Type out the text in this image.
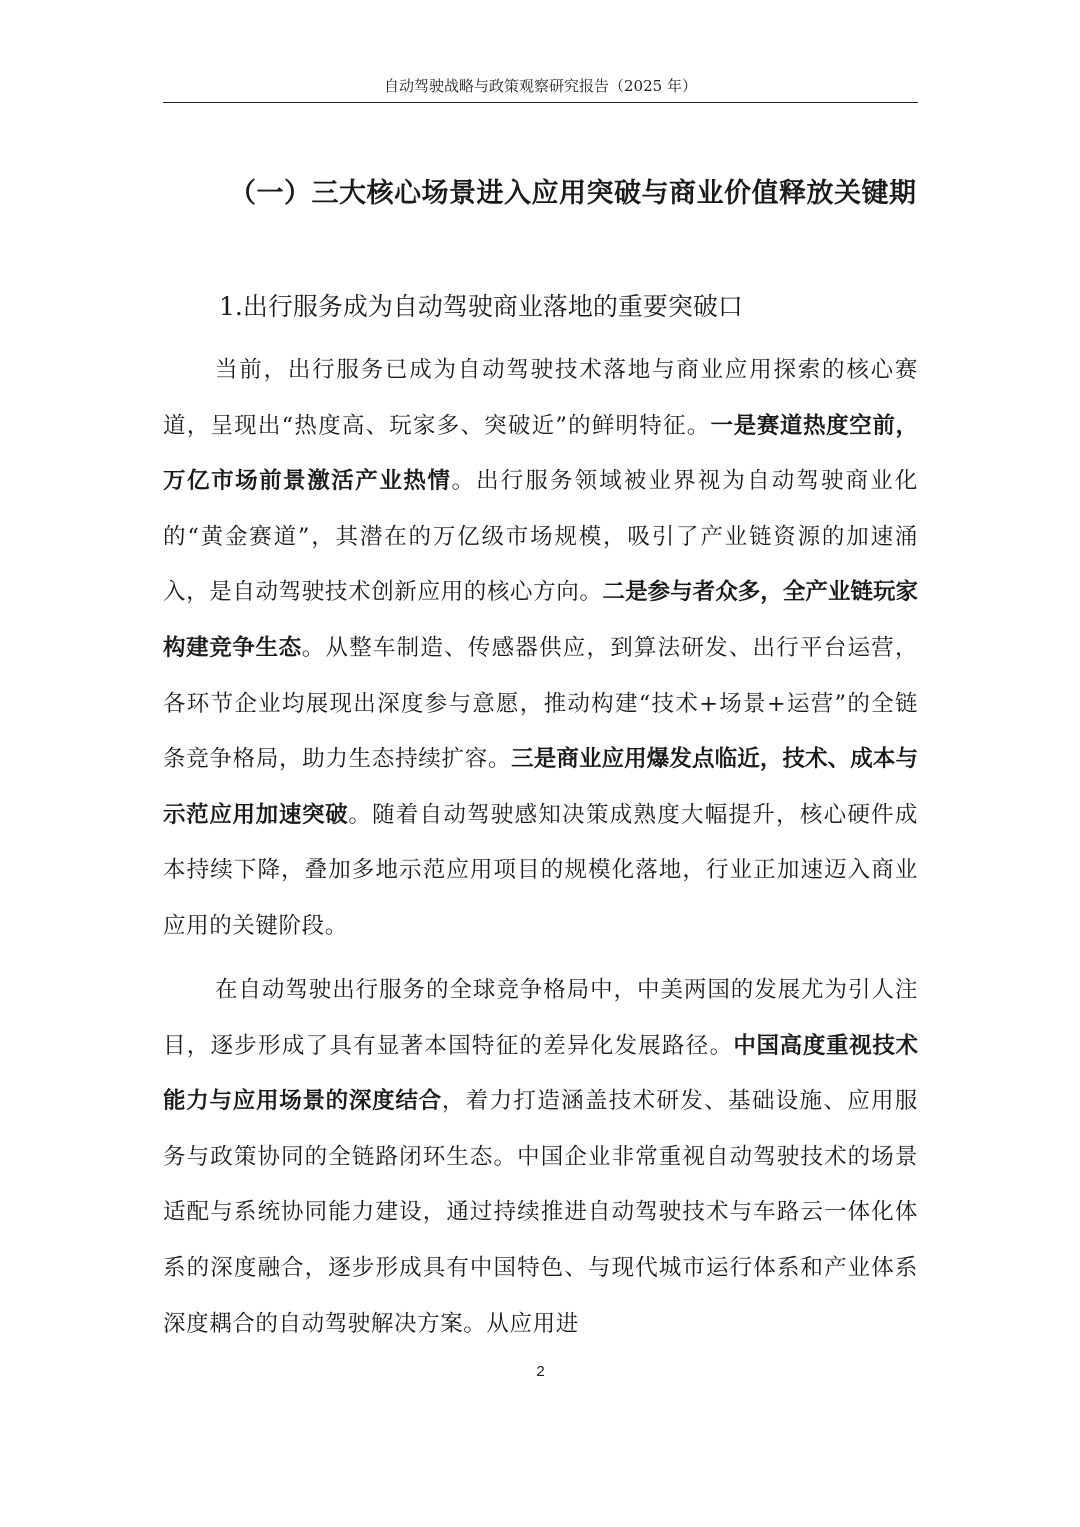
自动驾驶战略与政策观察研究报告（2025 年）
（一）三大核心场景进入应用突破与商业价值释放关键期
1.出行服务成为自动驾驶商业落地的重要突破口

当前，出行服务已成为自动驾驶技术落地与商业应用探索的核心赛道，呈现出“热度高、玩家多、突破近”的鲜明特征。一是赛道热度空前，万亿市场前景激活产业热情。出行服务领域被业界视为自动驾驶商业化的“黄金赛道”，其潜在的万亿级市场规模，吸引了产业链资源的加速涌入，是自动驾驶技术创新应用的核心方向。二是参与者众多，全产业链玩家构建竞争生态。从整车制造、传感器供应，到算法研发、出行平台运营，各环节企业均展现出深度参与意愿，推动构建“技术+场景+运营”的全链条竞争格局，助力生态持续扩容。三是商业应用爆发点临近，技术、成本与示范应用加速突破。随着自动驾驶感知决策成熟度大幅提升，核心硬件成本持续下降，叠加多地示范应用项目的规模化落地，行业正加速迈入商业应用的关键阶段。

在自动驾驶出行服务的全球竞争格局中，中美两国的发展尤为引人注目，逐步形成了具有显著本国特征的差异化发展路径。中国高度重视技术能力与应用场景的深度结合，着力打造涵盖技术研发、基础设施、应用服务与政策协同的全链路闭环生态。中国企业非常重视自动驾驶技术的场景适配与系统协同能力建设，通过持续推进自动驾驶技术与车路云一体化体系的深度融合，逐步形成具有中国特色、与现代城市运行体系和产业体系深度耦合的自动驾驶解决方案。从应用进

2
